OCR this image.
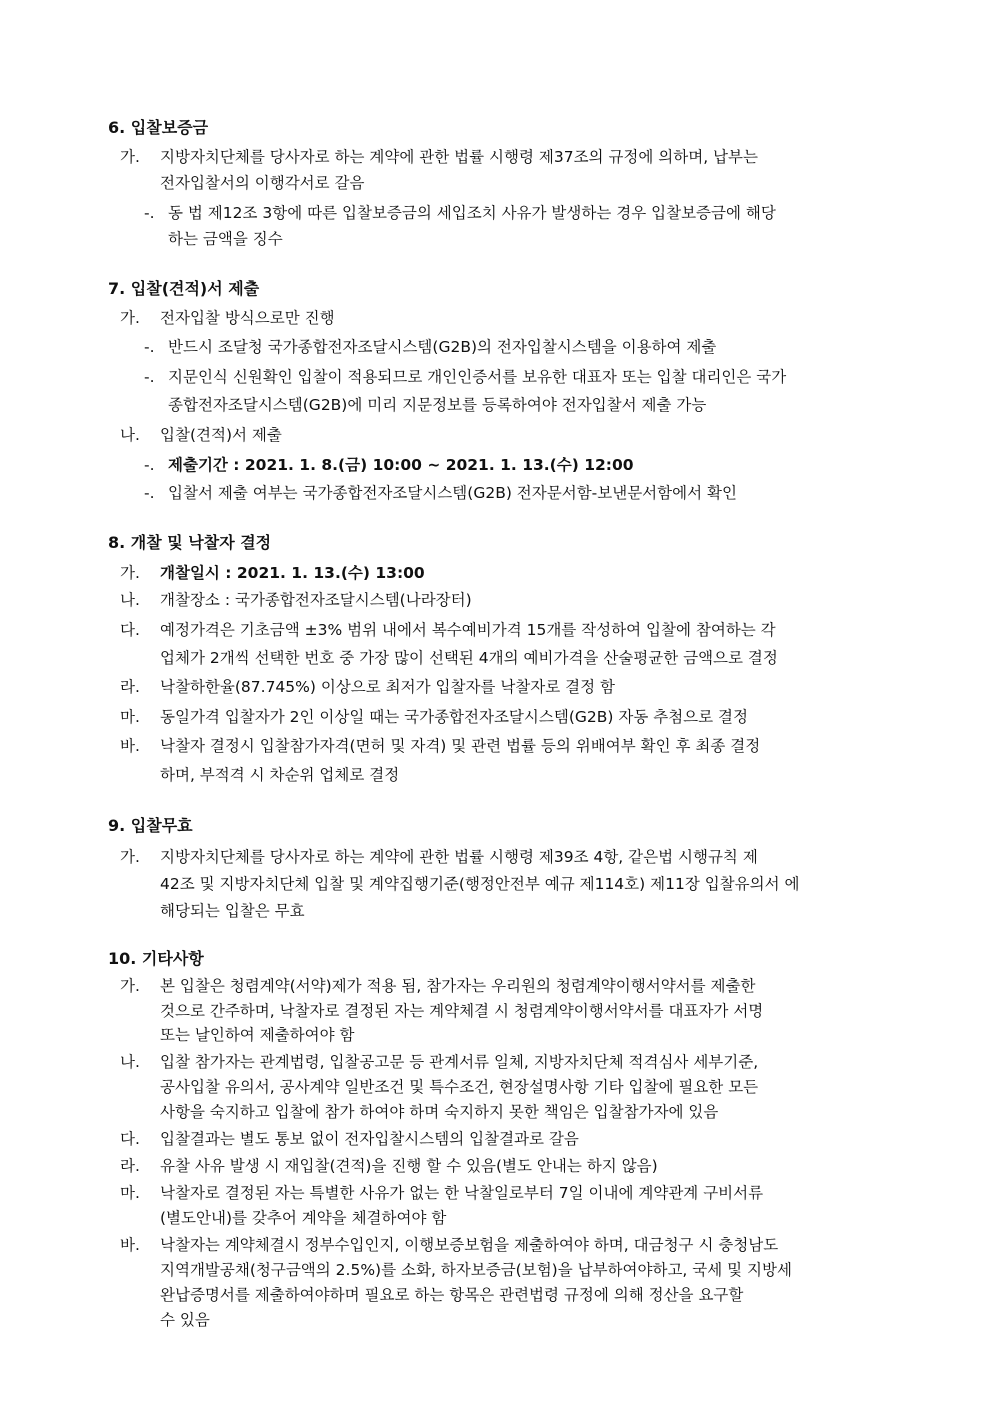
6. 입찰보증금
가. 지방자치단체를 당사자로 하는 계약에 관한 법률 시행령 제37조의 규정에 의하며, 납부는
전자입찰서의 이행각서로 갈음
-. 동 법 제12조 3항에 따른 입찰보증금의 세입조치 사유가 발생하는 경우 입찰보증금에 해당
하는 금액을 징수
7. 입찰(견적)서 제출
가. 전자입찰 방식으로만 진행
-. 반드시 조달청 국가종합전자조달시스템(G2B)의 전자입찰시스템을 이용하여 제출
-. 지문인식 신원확인 입찰이 적용되므로 개인인증서를 보유한 대표자 또는 입찰 대리인은 국가
종합전자조달시스템(G2B)에 미리 지문정보를 등록하여야 전자입찰서 제출 가능
나. 입찰(견적)서 제출
-. 제출기간 : 2021. 1. 8.(금) 10:00 ~ 2021. 1. 13.(수) 12:00
-. 입찰서 제출 여부는 국가종합전자조달시스템(G2B) 전자문서함-보낸문서함에서 확인
8. 개찰 및 낙찰자 결정
가. 개찰일시 : 2021. 1. 13.(수) 13:00
나. 개찰장소 : 국가종합전자조달시스템(나라장터)
다. 예정가격은 기초금액 ±3% 범위 내에서 복수예비가격 15개를 작성하여 입찰에 참여하는 각
업체가 2개씩 선택한 번호 중 가장 많이 선택된 4개의 예비가격을 산술평균한 금액으로 결정
라. 낙찰하한율(87.745%) 이상으로 최저가 입찰자를 낙찰자로 결정 함
마. 동일가격 입찰자가 2인 이상일 때는 국가종합전자조달시스템(G2B) 자동 추첨으로 결정
바. 낙찰자 결정시 입찰참가자격(면허 및 자격) 및 관련 법률 등의 위배여부 확인 후 최종 결정
하며, 부적격 시 차순위 업체로 결정
9. 입찰무효
가. 지방자치단체를 당사자로 하는 계약에 관한 법률 시행령 제39조 4항, 같은법 시행규칙 제
42조 및 지방자치단체 입찰 및 계약집행기준(행정안전부 예규 제114호) 제11장 입찰유의서 에
해당되는 입찰은 무효
10. 기타사항
가. 본 입찰은 청렴계약(서약)제가 적용 됨, 참가자는 우리원의 청렴계약이행서약서를 제출한
것으로 간주하며, 낙찰자로 결정된 자는 계약체결 시 청렴계약이행서약서를 대표자가 서명
또는 날인하여 제출하여야 함
나. 입찰 참가자는 관계법령, 입찰공고문 등 관계서류 일체, 지방자치단체 적격심사 세부기준,
공사입찰 유의서, 공사계약 일반조건 및 특수조건, 현장설명사항 기타 입찰에 필요한 모든
사항을 숙지하고 입찰에 참가 하여야 하며 숙지하지 못한 책임은 입찰참가자에 있음
다. 입찰결과는 별도 통보 없이 전자입찰시스템의 입찰결과로 갈음
라. 유찰 사유 발생 시 재입찰(견적)을 진행 할 수 있음(별도 안내는 하지 않음)
마. 낙찰자로 결정된 자는 특별한 사유가 없는 한 낙찰일로부터 7일 이내에 계약관계 구비서류
(별도안내)를 갖추어 계약을 체결하여야 함
바. 낙찰자는 계약체결시 정부수입인지, 이행보증보험을 제출하여야 하며, 대금청구 시 충청남도
지역개발공채(청구금액의 2.5%)를 소화, 하자보증금(보험)을 납부하여야하고, 국세 및 지방세
완납증명서를 제출하여야하며 필요로 하는 항목은 관련법령 규정에 의해 정산을 요구할
수 있음
